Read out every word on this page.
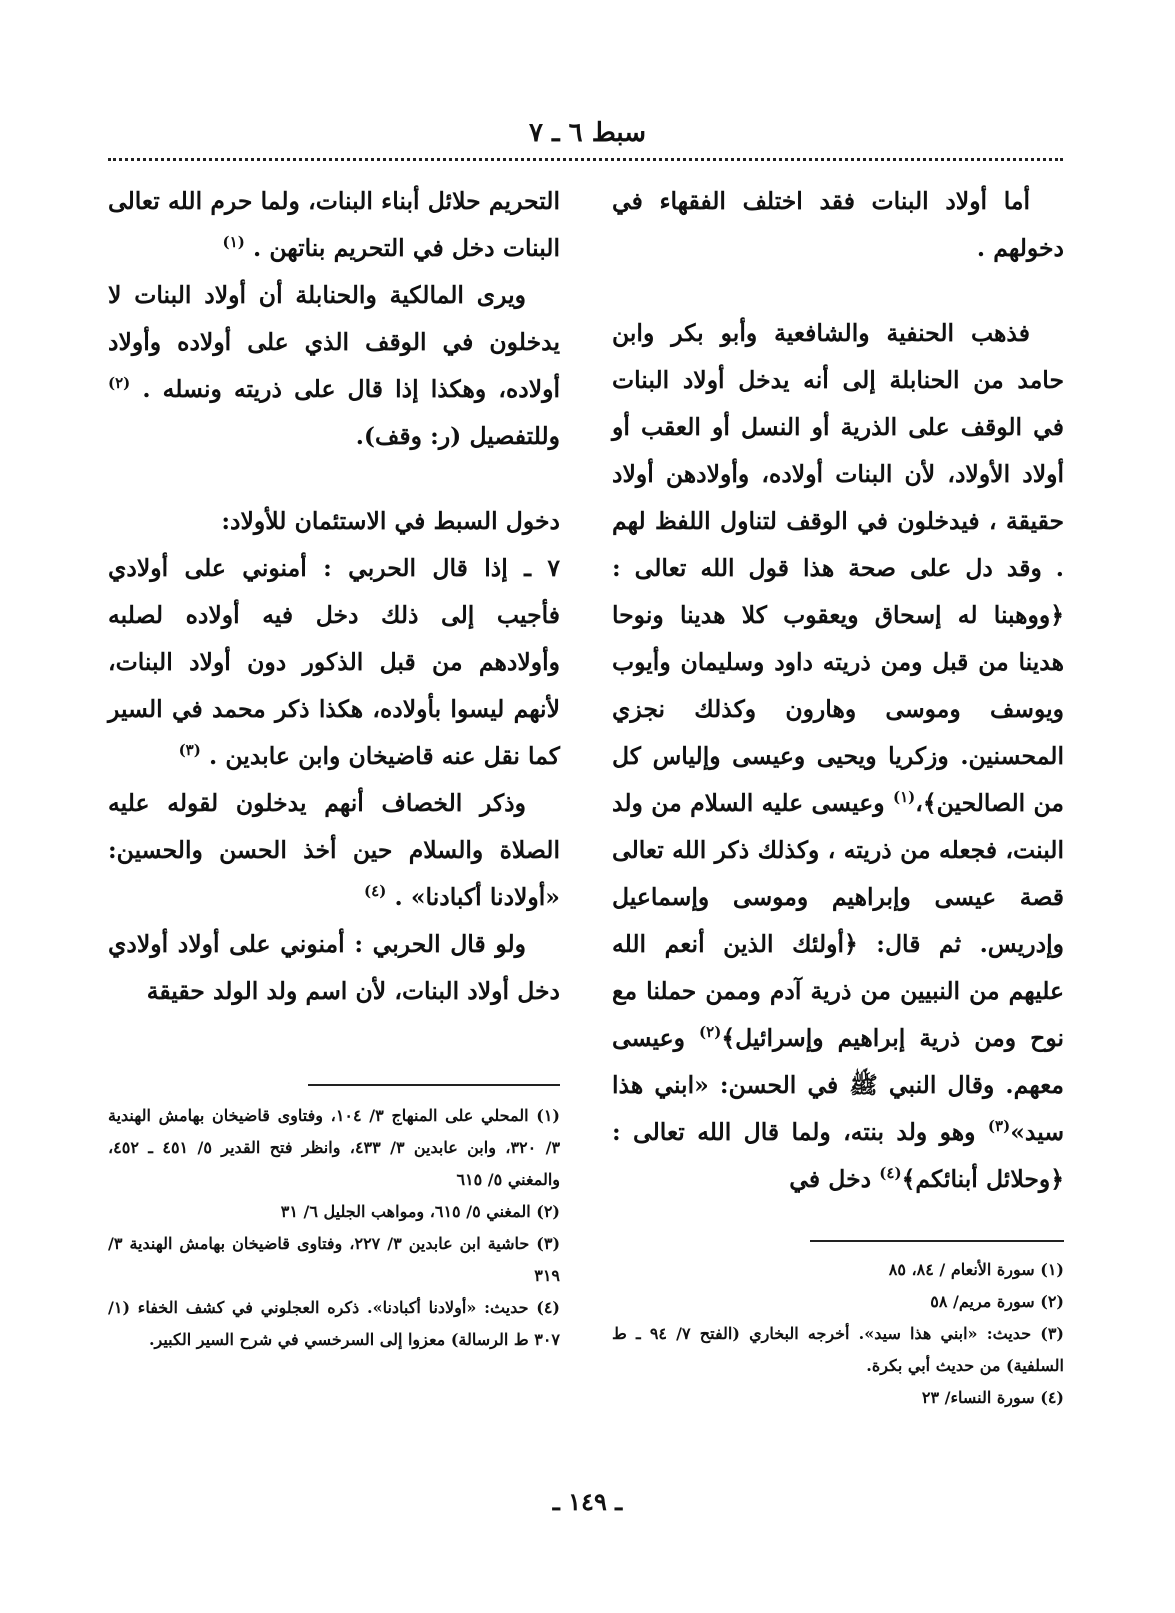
سبط ٦ ـ ٧

أما أولاد البنات فقد اختلف الفقهاء في دخولهم .

فذهب الحنفية والشافعية وأبو بكر وابن حامد من الحنابلة إلى أنه يدخل أولاد البنات في الوقف على الذرية أو النسل أو العقب أو أولاد الأولاد، لأن البنات أولاده، وأولادهن أولاد حقيقة ، فيدخلون في الوقف لتناول اللفظ لهم . وقد دل على صحة هذا قول الله تعالى : ﴿ووهبنا له إسحاق ويعقوب كلا هدينا ونوحا هدينا من قبل ومن ذريته داود وسليمان وأيوب ويوسف وموسى وهارون وكذلك نجزي المحسنين. وزكريا ويحيى وعيسى وإلياس كل من الصالحين﴾،$^{(١)}$ وعيسى عليه السلام من ولد البنت، فجعله من ذريته ، وكذلك ذكر الله تعالى قصة عيسى وإبراهيم وموسى وإسماعيل وإدريس. ثم قال: ﴿أولئك الذين أنعم الله عليهم من النبيين من ذرية آدم وممن حملنا مع نوح ومن ذرية إبراهيم وإسرائيل﴾$^{(٢)}$ وعيسى معهم. وقال النبي ﷺ في الحسن: «ابني هذا سيد»$^{(٣)}$ وهو ولد بنته، ولما قال الله تعالى : ﴿وحلائل أبنائكم﴾$^{(٤)}$ دخل في

التحريم حلائل أبناء البنات، ولما حرم الله تعالى البنات دخل في التحريم بناتهن . $^{(١)}$

ويرى المالكية والحنابلة أن أولاد البنات لا يدخلون في الوقف الذي على أولاده وأولاد أولاده، وهكذا إذا قال على ذريته ونسله . $^{(٢)}$ وللتفصيل (ر: وقف).

دخول السبط في الاستئمان للأولاد:

٧ ـ إذا قال الحربي : أمنوني على أولادي فأجيب إلى ذلك دخل فيه أولاده لصلبه وأولادهم من قبل الذكور دون أولاد البنات، لأنهم ليسوا بأولاده، هكذا ذكر محمد في السير كما نقل عنه قاضيخان وابن عابدين . $^{(٣)}$

وذكر الخصاف أنهم يدخلون لقوله عليه الصلاة والسلام حين أخذ الحسن والحسين: «أولادنا أكبادنا» . $^{(٤)}$

ولو قال الحربي : أمنوني على أولاد أولادي دخل أولاد البنات، لأن اسم ولد الولد حقيقة

(١) المحلي على المنهاج ٣/ ١٠٤، وفتاوى قاضيخان بهامش الهندية ٣/ ٣٢٠، وابن عابدين ٣/ ٤٣٣، وانظر فتح القدير ٥/ ٤٥١ ـ ٤٥٢، والمغني ٥/ ٦١٥
(٢) المغني ٥/ ٦١٥، ومواهب الجليل ٦/ ٣١
(٣) حاشية ابن عابدين ٣/ ٢٢٧، وفتاوى قاضيخان بهامش الهندية ٣/ ٣١٩
(٤) حديث: «أولادنا أكبادنا». ذكره العجلوني في كشف الخفاء (١/ ٣٠٧ ط الرسالة) معزوا إلى السرخسي في شرح السير الكبير.
(١) سورة الأنعام / ٨٤، ٨٥
(٢) سورة مريم/ ٥٨
(٣) حديث: «ابني هذا سيد». أخرجه البخاري (الفتح ٧/ ٩٤ ـ ط السلفية) من حديث أبي بكرة.
(٤) سورة النساء/ ٢٣
ـ ١٤٩ ـ
